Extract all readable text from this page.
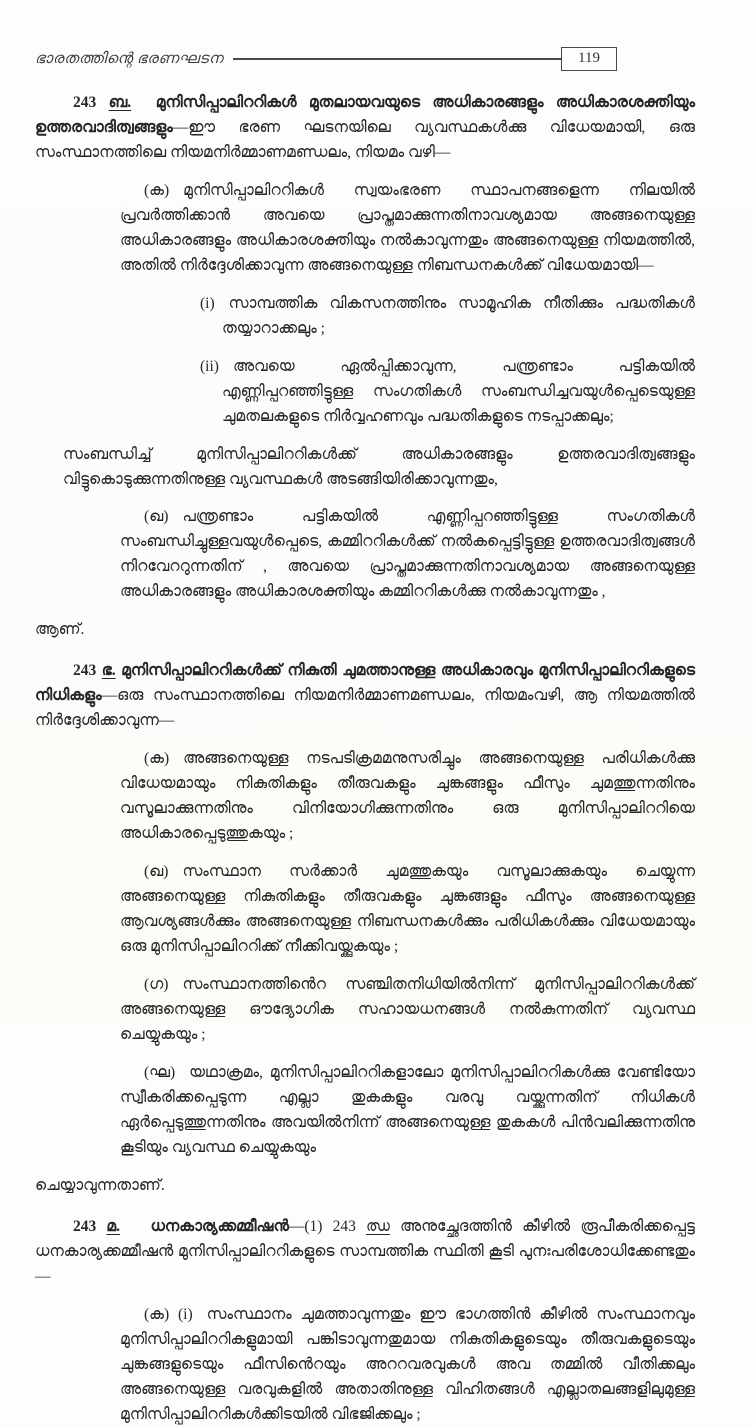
ഭാരതത്തിന്റെ ഭരണഘടന	119

243 ബ. മുനിസിപ്പാലിററികൾ മുതലായവയുടെ അധികാരങ്ങളും അധികാരശക്തിയും ഉത്തരവാദിത്വങ്ങളും—ഈ ഭരണ ഘടനയിലെ വ്യവസ്ഥകൾക്കു വിധേയമായി, ഒരു സംസ്ഥാനത്തിലെ നിയമനിർമ്മാണമണ്ഡലം, നിയമം വഴി—

(ക) മുനിസിപ്പാലിററികൾ സ്വയംഭരണ സ്ഥാപനങ്ങളെന്ന നിലയിൽ പ്രവർത്തിക്കാൻ അവയെ പ്രാപ്തമാക്കുന്നതിനാവശ്യമായ അങ്ങനെയുള്ള അധികാരങ്ങളും അധികാരശക്തിയും നൽകാവുന്നതും അങ്ങനെയുള്ള നിയമത്തിൽ, അതിൽ നിർദ്ദേശിക്കാവുന്ന അങ്ങനെയുള്ള നിബന്ധനകൾക്ക് വിധേയമായി—

(i) സാമ്പത്തിക വികസനത്തിനും സാമൂഹിക നീതിക്കും പദ്ധതികൾ തയ്യാറാക്കലും ;

(ii) അവയെ ഏൽപ്പിക്കാവുന്ന, പന്ത്രണ്ടാം പട്ടികയിൽ എണ്ണിപ്പറഞ്ഞിട്ടുള്ള സംഗതികൾ സംബന്ധിച്ചവയുൾപ്പെടെയുള്ള ചുമതലകളുടെ നിർവ്വഹണവും പദ്ധതികളുടെ നടപ്പാക്കലും;

സംബന്ധിച്ച് മുനിസിപ്പാലിററികൾക്ക് അധികാരങ്ങളും ഉത്തരവാദിത്വങ്ങളും വിട്ടുകൊടുക്കുന്നതിനുള്ള വ്യവസ്ഥകൾ അടങ്ങിയിരിക്കാവുന്നതും,

(ഖ) പന്ത്രണ്ടാം പട്ടികയിൽ എണ്ണിപ്പറഞ്ഞിട്ടുള്ള സംഗതികൾ സംബന്ധിച്ചുള്ളവയുൾപ്പെടെ, കമ്മിററികൾക്ക് നൽകപ്പെട്ടിട്ടുള്ള ഉത്തരവാദിത്വങ്ങൾ നിറവേററുന്നതിന് , അവയെ പ്രാപ്തമാക്കുന്നതിനാവശ്യമായ അങ്ങനെയുള്ള അധികാരങ്ങളും അധികാരശക്തിയും കമ്മിററികൾക്കു നൽകാവുന്നതും ,

ആണ്.

243 ഭ. മുനിസിപ്പാലിററികൾക്ക് നികുതി ചുമത്താനുള്ള അധികാരവും മുനിസിപ്പാലിററികളുടെ നിധികളും—ഒരു സംസ്ഥാനത്തിലെ നിയമനിർമ്മാണമണ്ഡലം, നിയമംവഴി, ആ നിയമത്തിൽ നിർദ്ദേശിക്കാവുന്ന—

(ക) അങ്ങനെയുള്ള നടപടിക്രമമനുസരിച്ചും അങ്ങനെയുള്ള പരിധികൾക്കു വിധേയമായും നികുതികളും തീരുവകളും ചുങ്കങ്ങളും ഫീസും ചുമത്തുന്നതിനും വസൂലാക്കുന്നതിനും വിനിയോഗിക്കുന്നതിനും ഒരു മുനിസിപ്പാലിററിയെ അധികാരപ്പെടുത്തുകയും ;

(ഖ) സംസ്ഥാന സർക്കാർ ചുമത്തുകയും വസൂലാക്കുകയും ചെയ്യുന്ന അങ്ങനെയുള്ള നികുതികളും തീരുവകളും ചുങ്കങ്ങളും ഫീസും അങ്ങനെയുള്ള ആവശ്യങ്ങൾക്കും അങ്ങനെയുള്ള നിബന്ധനകൾക്കും പരിധികൾക്കും വിധേയമായും ഒരു മുനിസിപ്പാലിററിക്ക് നീക്കിവയ്ക്കുകയും ;

(ഗ) സംസ്ഥാനത്തിൻെറ സഞ്ചിതനിധിയിൽനിന്ന് മുനിസിപ്പാലിററികൾക്ക് അങ്ങനെയുള്ള ഔദ്യോഗിക സഹായധനങ്ങൾ നൽകുന്നതിന് വ്യവസ്ഥ ചെയ്യുകയും ;

(ഘ) യഥാക്രമം, മുനിസിപ്പാലിററികളാലോ മുനിസിപ്പാലിററികൾക്കു വേണ്ടിയോ സ്വീകരിക്കപ്പെടുന്ന എല്ലാ തുകകളും വരവു വയ്ക്കുന്നതിന് നിധികൾ ഏർപ്പെടുത്തുന്നതിനും അവയിൽനിന്ന് അങ്ങനെയുള്ള തുകകൾ പിൻവലിക്കുന്നതിനു കൂടിയും വ്യവസ്ഥ ചെയ്യുകയും

ചെയ്യാവുന്നതാണ്.

243 മ. ധനകാര്യക്കമ്മീഷൻ—(1) 243 ഝ അനുച്ഛേദത്തിൻ കീഴിൽ രൂപീകരിക്കപ്പെട്ട ധനകാര്യക്കമ്മീഷൻ മുനിസിപ്പാലിററികളുടെ സാമ്പത്തിക സ്ഥിതി കൂടി പുനഃപരിശോധിക്കേണ്ടതും—

(ക) (i) സംസ്ഥാനം ചുമത്താവുന്നതും ഈ ഭാഗത്തിൻ കീഴിൽ സംസ്ഥാനവും മുനിസിപ്പാലിററികളുമായി പങ്കിടാവുന്നതുമായ നികുതികളുടെയും തീരുവകളുടെയും ചുങ്കങ്ങളുടെയും ഫീസിൻെറയും അററവരവുകൾ അവ തമ്മിൽ വീതിക്കലും അങ്ങനെയുള്ള വരവുകളിൽ അതാതിനുള്ള വിഹിതങ്ങൾ എല്ലാതലങ്ങളിലുമുള്ള മുനിസിപ്പാലിററികൾക്കിടയിൽ വിഭജിക്കലും ;
